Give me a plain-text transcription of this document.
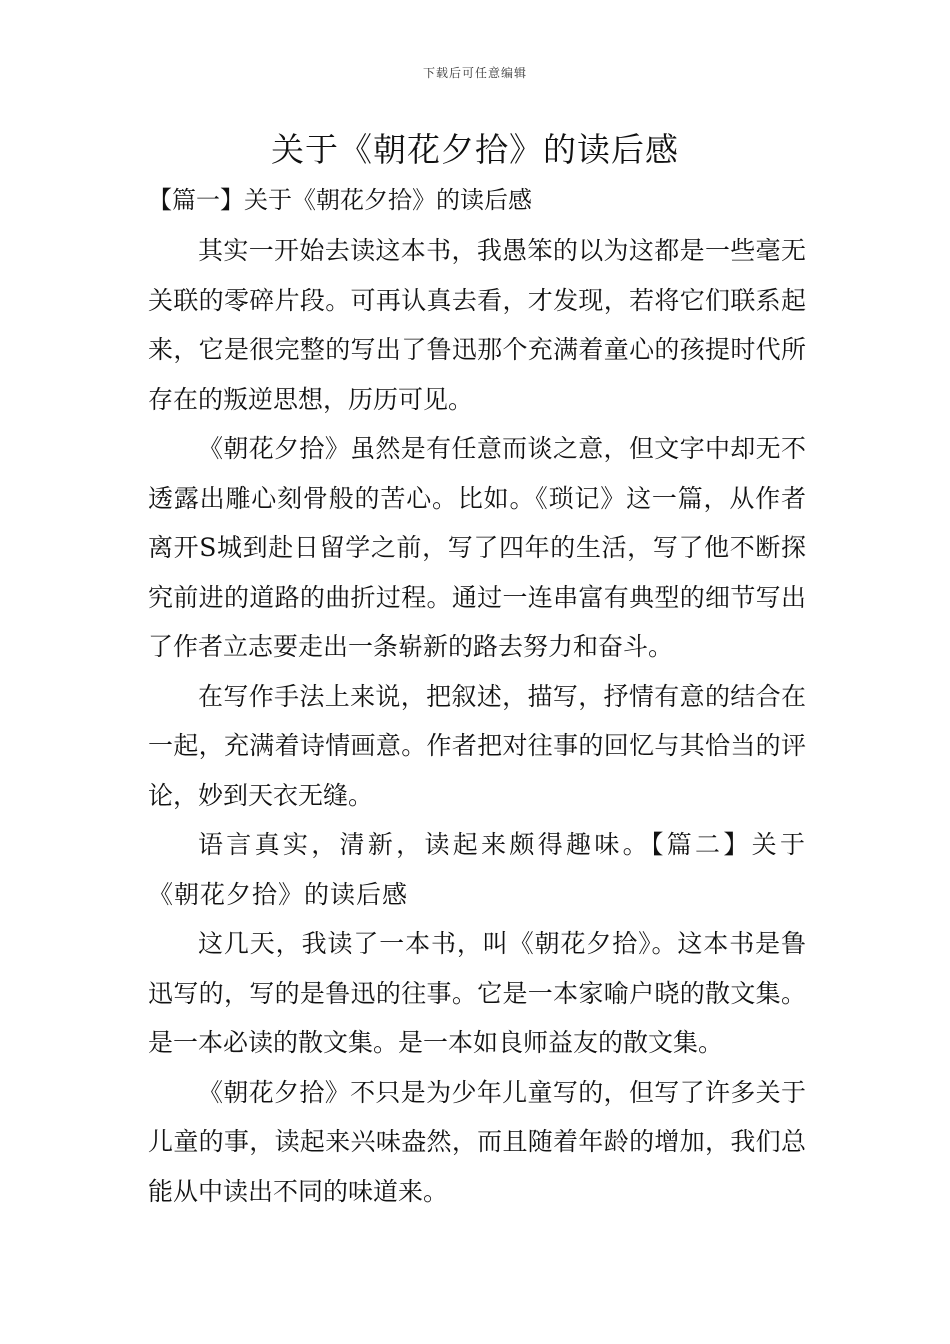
下载后可任意编辑
关于《朝花夕拾》的读后感

【篇一】关于《朝花夕拾》的读后感

其实一开始去读这本书，我愚笨的以为这都是一些毫无关联的零碎片段。可再认真去看，才发现，若将它们联系起来，它是很完整的写出了鲁迅那个充满着童心的孩提时代所存在的叛逆思想，历历可见。

《朝花夕拾》虽然是有任意而谈之意，但文字中却无不透露出雕心刻骨般的苦心。比如。《琐记》这一篇，从作者离开S城到赴日留学之前，写了四年的生活，写了他不断探究前进的道路的曲折过程。通过一连串富有典型的细节写出了作者立志要走出一条崭新的路去努力和奋斗。

在写作手法上来说，把叙述，描写，抒情有意的结合在一起，充满着诗情画意。作者把对往事的回忆与其恰当的评论，妙到天衣无缝。

语言真实，清新，读起来颇得趣味。【篇二】关于《朝花夕拾》的读后感

这几天，我读了一本书，叫《朝花夕拾》。这本书是鲁迅写的，写的是鲁迅的往事。它是一本家喻户晓的散文集。是一本必读的散文集。是一本如良师益友的散文集。

《朝花夕拾》不只是为少年儿童写的，但写了许多关于儿童的事，读起来兴味盎然，而且随着年龄的增加，我们总能从中读出不同的味道来。
